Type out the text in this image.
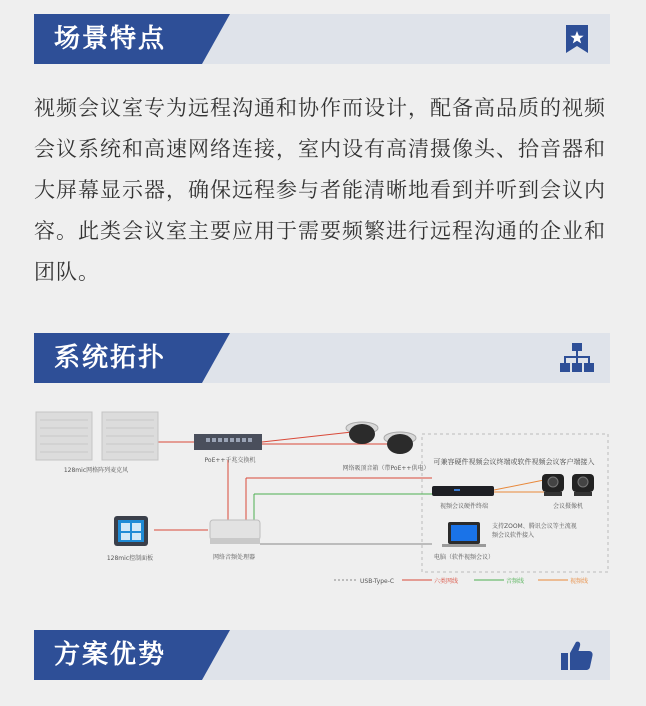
场景特点

视频会议室专为远程沟通和协作而设计，配备高品质的视频会议系统和高速网络连接，室内设有高清摄像头、拾音器和大屏幕显示器，确保远程参与者能清晰地看到并听到会议内容。此类会议室主要应用于需要频繁进行远程沟通的企业和团队。

系统拓扑
128mic网格阵列麦克风
PoE++千兆交换机
网络吸顶音箱（带PoE++供电）
可兼容硬件视频会议终端或软件视频会议客户端接入
视频会议硬件终端	会议摄像机
128mic控制面板	网络音频处理器
支持ZOOM、腾讯会议等主流视
频会议软件接入
电脑（软件视频会议）
USB-Type-C	六类网线	音频线	视频线
方案优势
